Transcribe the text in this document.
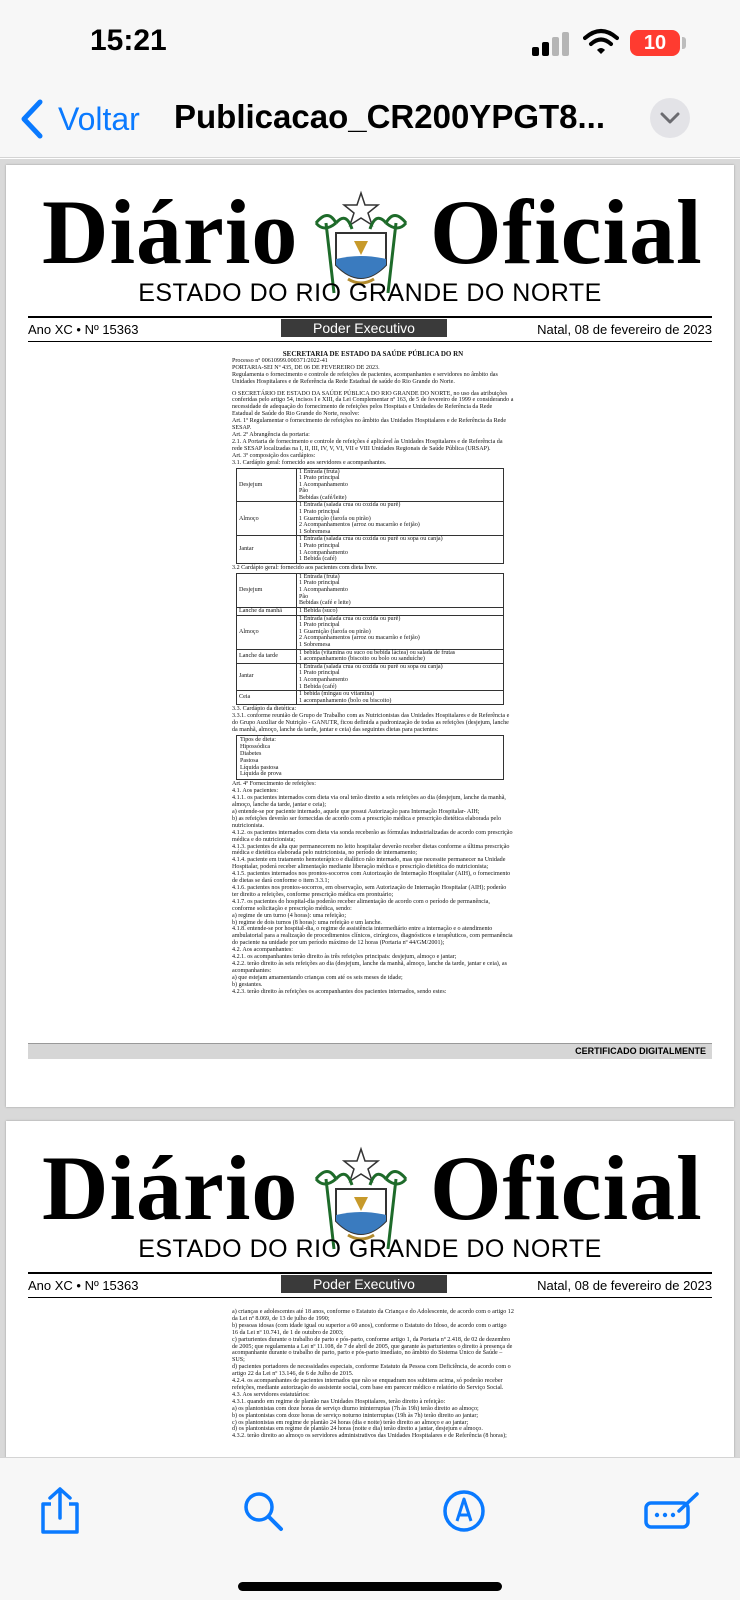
15:21	10
Voltar Publicacao_CR200YPGT8...
Diário Oficial
ESTADO DO RIO GRANDE DO NORTE
Ano XC • Nº 15363	Poder Executivo	Natal, 08 de fevereiro de 2023

SECRETARIA DE ESTADO DA SAÚDE PÚBLICA DO RN

Processo nº 00610999.000371/2022-41

PORTARIA-SEI Nº 435, DE 06 DE FEVEREIRO DE 2023.

Regulamenta o fornecimento e controle de refeições de pacientes, acompanhantes e servidores no âmbito das Unidades Hospitalares e de Referência da Rede Estadual de saúde do Rio Grande do Norte.

O SECRETÁRIO DE ESTADO DA SAÚDE PÚBLICA DO RIO GRANDE DO NORTE, no uso das atribuições conferidas pelo artigo 54, incisos I e XIII, da Lei Complementar nº 163, de 5 de fevereiro de 1999 e considerando a necessidade de adequação do fornecimento de refeições pelos Hospitais e Unidades de Referência da Rede Estadual de Saúde do Rio Grande do Norte, resolve:

Art. 1º Regulamentar o fornecimento de refeições no âmbito das Unidades Hospitalares e de Referência da Rede SESAP.

Art. 2º Abrangência da portaria:

2.1. A Portaria de fornecimento e controle de refeições é aplicável às Unidades Hospitalares e de Referência da rede SESAP localizadas na I, II, III, IV, V, VI, VII e VIII Unidades Regionais de Saúde Pública (URSAP).

Art. 3º composição dos cardápios:

3.1. Cardápio geral: fornecido aos servidores e acompanhantes.

Desjejum	1 Entrada (fruta)
1 Prato principal
1 Acompanhamento
Pão
Bebidas (café/leite)

Almoço	1 Entrada (salada crua ou cozida ou purê)
1 Prato principal
1 Guarnição (farofa ou pirão)
2 Acompanhamentos (arroz ou macarrão e feijão)
1 Sobremesa

Jantar	1 Entrada (salada crua ou cozida ou purê ou sopa ou canja)
1 Prato principal
1 Acompanhamento
1 Bebida (café)

3.2 Cardápio geral: fornecido aos pacientes com dieta livre.

Desjejum	1 Entrada (fruta)
1 Prato principal
1 Acompanhamento
Pão
Bebidas (café e leite)

Lanche da manhã	1 Bebida (suco)

Almoço	1 Entrada (salada crua ou cozida ou purê)
1 Prato principal
1 Guarnição (farofa ou pirão)
2 Acompanhamentos (arroz ou macarrão e feijão)
1 Sobremesa

Lanche da tarde	1 bebida (vitamina ou suco ou bebida láctea) ou salada de frutas
1 acompanhamento (biscoito ou bolo ou sanduíche)

Jantar	1 Entrada (salada crua ou cozida ou purê ou sopa ou canja)
1 Prato principal
1 Acompanhamento
1 Bebida (café)

Ceia	1 bebida (mingau ou vitamina)
1 acompanhamento (bolo ou biscoito)

3.3. Cardápio da dietética:

3.3.1. conforme reunião de Grupo de Trabalho com as Nutricionistas das Unidades Hospitalares e de Referência e do Grupo Auxiliar de Nutrição - GANUTR, ficou definida a padronização de todas as refeições (desjejum, lanche da manhã, almoço, lanche da tarde, jantar e ceia) das seguintes dietas para pacientes:

Tipos de dieta:

Hipossódica

Diabetes

Pastosa

Líquida pastosa

Líquida de prova

Art. 4º Fornecimento de refeições:

4.1. Aos pacientes:

4.1.1. os pacientes internados com dieta via oral terão direito a seis refeições ao dia (desjejum, lanche da manhã, almoço, lanche da tarde, jantar e ceia);

a) entende-se por paciente internado, aquele que possui Autorização para Internação Hospitalar- AIH;

b) as refeições deverão ser fornecidas de acordo com a prescrição médica e prescrição dietética elaborada pelo nutricionista.

4.1.2. os pacientes internados com dieta via sonda receberão as fórmulas industrializadas de acordo com prescrição médica e do nutricionista;

4.1.3. pacientes de alta que permanecerem no leito hospitalar deverão receber dietas conforme a última prescrição médica e dietética elaborada pelo nutricionista, no período de internamento;

4.1.4. paciente em tratamento hemoterápico e dialítico não internado, mas que necessite permanecer na Unidade Hospitalar, poderá receber alimentação mediante liberação médica e prescrição dietética do nutricionista;

4.1.5. pacientes internados nos prontos-socorros com Autorização de Internação Hospitalar (AIH), o fornecimento de dietas se dará conforme o item 3.3.1;

4.1.6. pacientes nos prontos-socorros, em observação, sem Autorização de Internação Hospitalar (AIH); poderão ter direito a refeições, conforme prescrição médica em prontuário;

4.1.7. os pacientes do hospital-dia poderão receber alimentação de acordo com o período de permanência, conforme solicitação e prescrição médica, sendo:

a) regime de um turno (4 horas): uma refeição;

b) regime de dois turnos (8 horas): uma refeição e um lanche.

4.1.8. entende-se por hospital-dia, o regime de assistência intermediário entre a internação e o atendimento ambulatorial para a realização de procedimentos clínicos, cirúrgicos, diagnósticos e terapêuticos, com permanência do paciente na unidade por um período máximo de 12 horas (Portaria nº 44/GM/2001);

4.2. Aos acompanhantes:

4.2.1. os acompanhantes terão direito às três refeições principais: desjejum, almoço e jantar;

4.2.2. terão direito às seis refeições ao dia (desjejum, lanche da manhã, almoço, lanche da tarde, jantar e ceia), as acompanhantes:

a) que estejam amamentando crianças com até os seis meses de idade;

b) gestantes.

4.2.3. terão direito às refeições os acompanhantes dos pacientes internados, sendo estes:

CERTIFICADO DIGITALMENTE
Diário Oficial
ESTADO DO RIO GRANDE DO NORTE
Ano XC • Nº 15363	Poder Executivo	Natal, 08 de fevereiro de 2023

a) crianças e adolescentes até 18 anos, conforme o Estatuto da Criança e do Adolescente, de acordo com o artigo 12 da Lei nº 8.069, de 13 de julho de 1990;

b) pessoas idosas (com idade igual ou superior a 60 anos), conforme o Estatuto do Idoso, de acordo com o artigo 16 da Lei nº 10.741, de 1 de outubro de 2003;

c) parturientes durante o trabalho de parto e pós-parto, conforme artigo 1, da Portaria nº 2.418, de 02 de dezembro de 2005; que regulamenta a Lei nº 11.108, de 7 de abril de 2005, que garante às parturientes o direito à presença de acompanhante durante o trabalho de parto, parto e pós-parto imediato, no âmbito do Sistema Único de Saúde – SUS;

d) pacientes portadores de necessidades especiais, conforme Estatuto da Pessoa com Deficiência, de acordo com o artigo 22 da Lei nº 13.146, de 6 de Julho de 2015.

4.2.4. os acompanhantes de pacientes internados que não se enquadram nos subitens acima, só poderão receber refeições, mediante autorização do assistente social, com base em parecer médico e relatório do Serviço Social.

4.3. Aos servidores estatutários:

4.3.1. quando em regime de plantão nas Unidades Hospitalares, terão direito à refeição:

a) os plantonistas com doze horas de serviço diurno ininterruptas (7h às 19h) terão direito ao almoço;

b) os plantonistas com doze horas de serviço noturno ininterruptas (19h às 7h) terão direito ao jantar;

c) os plantonistas em regime de plantão 24 horas (dia e noite) terão direito ao almoço e ao jantar;

d) os plantonistas em regime de plantão 24 horas (noite e dia) terão direito a jantar, desjejum e almoço.

4.3.2. terão direito ao almoço os servidores administrativos das Unidades Hospitalares e de Referência (8 horas);
